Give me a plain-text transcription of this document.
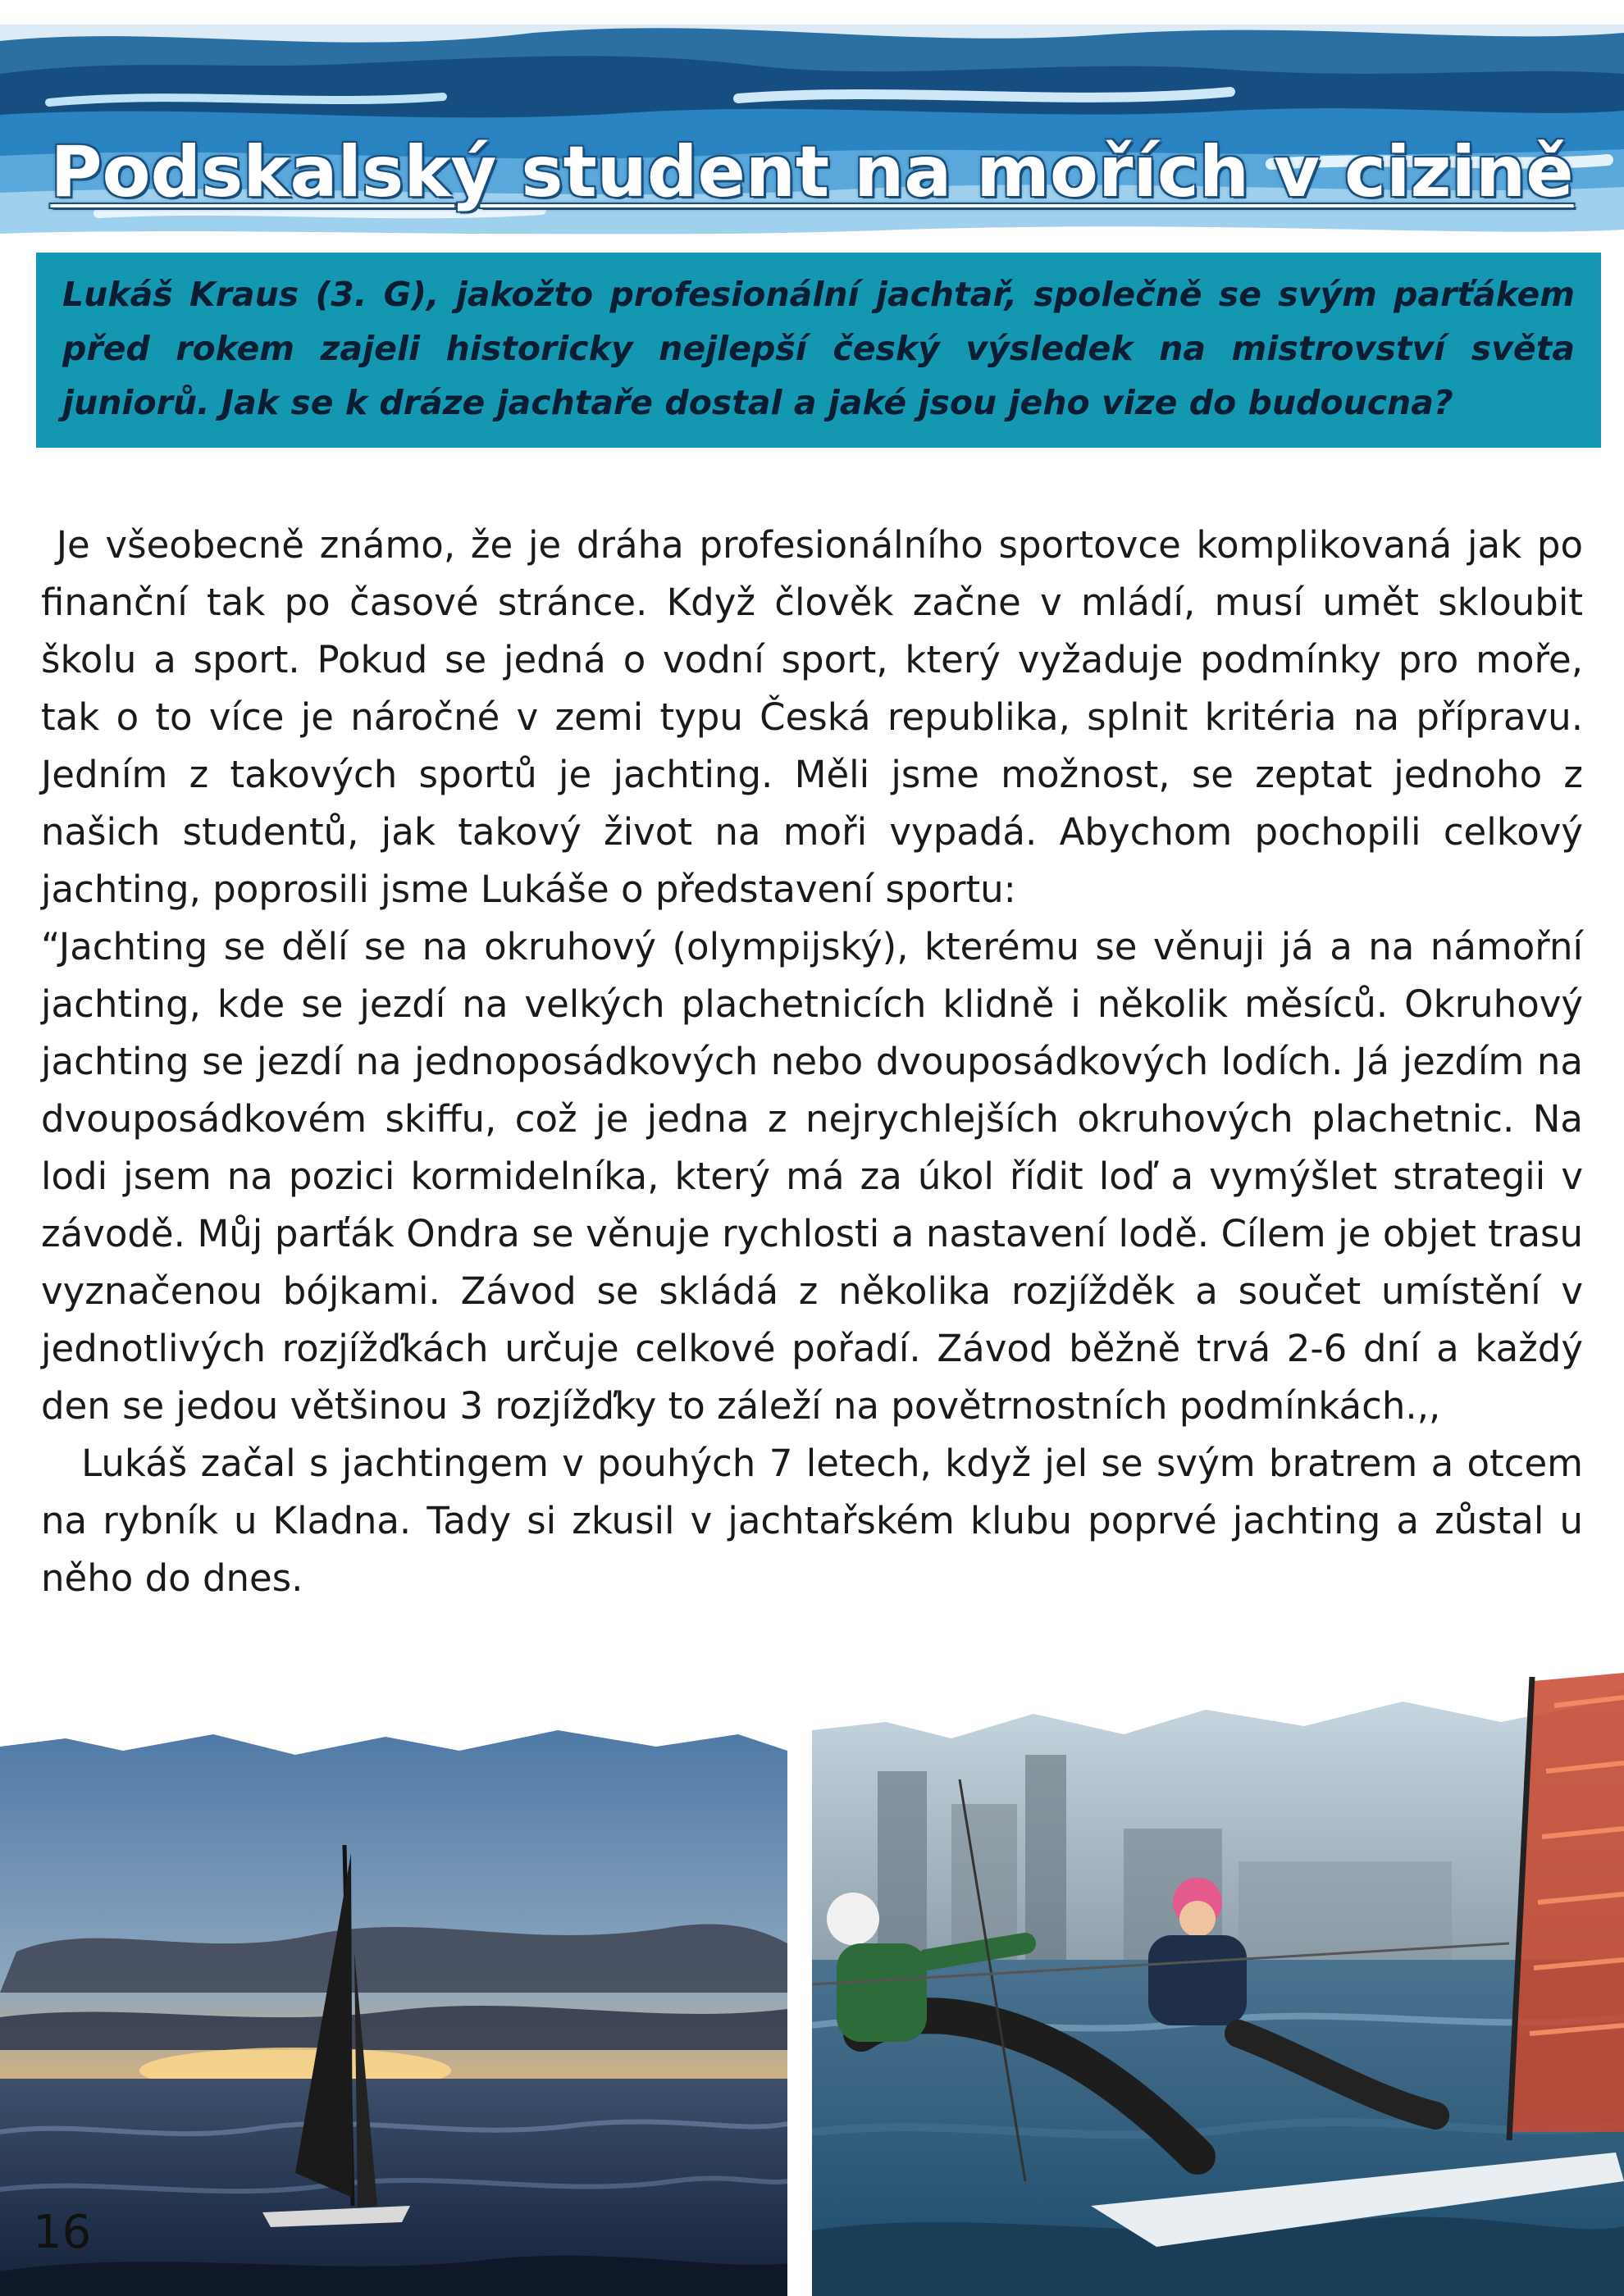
Podskalský student na mořích v cizině

Lukáš Kraus (3. G), jakožto profesionální jachtař, společně se svým parťákem před rokem zajeli historicky nejlepší český výsledek na mistrovství světa juniorů. Jak se k dráze jachtaře dostal a jaké jsou jeho vize do budoucna?

Je všeobecně známo, že je dráha profesionálního sportovce komplikovaná jak po finanční tak po časové stránce. Když člověk začne v mládí, musí umět skloubit školu a sport. Pokud se jedná o vodní sport, který vyžaduje podmínky pro moře, tak o to více je náročné v zemi typu Česká republika, splnit kritéria na přípravu. Jedním z takových sportů je jachting. Měli jsme možnost, se zeptat jednoho z našich studentů, jak takový život na moři vypadá. Abychom pochopili celkový jachting, poprosili jsme Lukáše o představení sportu:

“Jachting se dělí se na okruhový (olympijský), kterému se věnuji já a na námořní jachting, kde se jezdí na velkých plachetnicích klidně i několik měsíců. Okruhový jachting se jezdí na jednoposádkových nebo dvouposádkových lodích. Já jezdím na dvouposádkovém skiffu, což je jedna z nejrychlejších okruhových plachetnic. Na lodi jsem na pozici kormidelníka, který má za úkol řídit loď a vymýšlet strategii v závodě. Můj parťák Ondra se věnuje rychlosti a nastavení lodě. Cílem je objet trasu vyznačenou bójkami. Závod se skládá z několika rozjížděk a součet umístění v jednotlivých rozjížďkách určuje celkové pořadí. Závod běžně trvá 2-6 dní a každý den se jedou většinou 3 rozjížďky to záleží na povětrnostních podmínkách.,,

Lukáš začal s jachtingem v pouhých 7 letech, když jel se svým bratrem a otcem na rybník u Kladna. Tady si zkusil v jachtařském klubu poprvé jachting a zůstal u něho do dnes.

16
